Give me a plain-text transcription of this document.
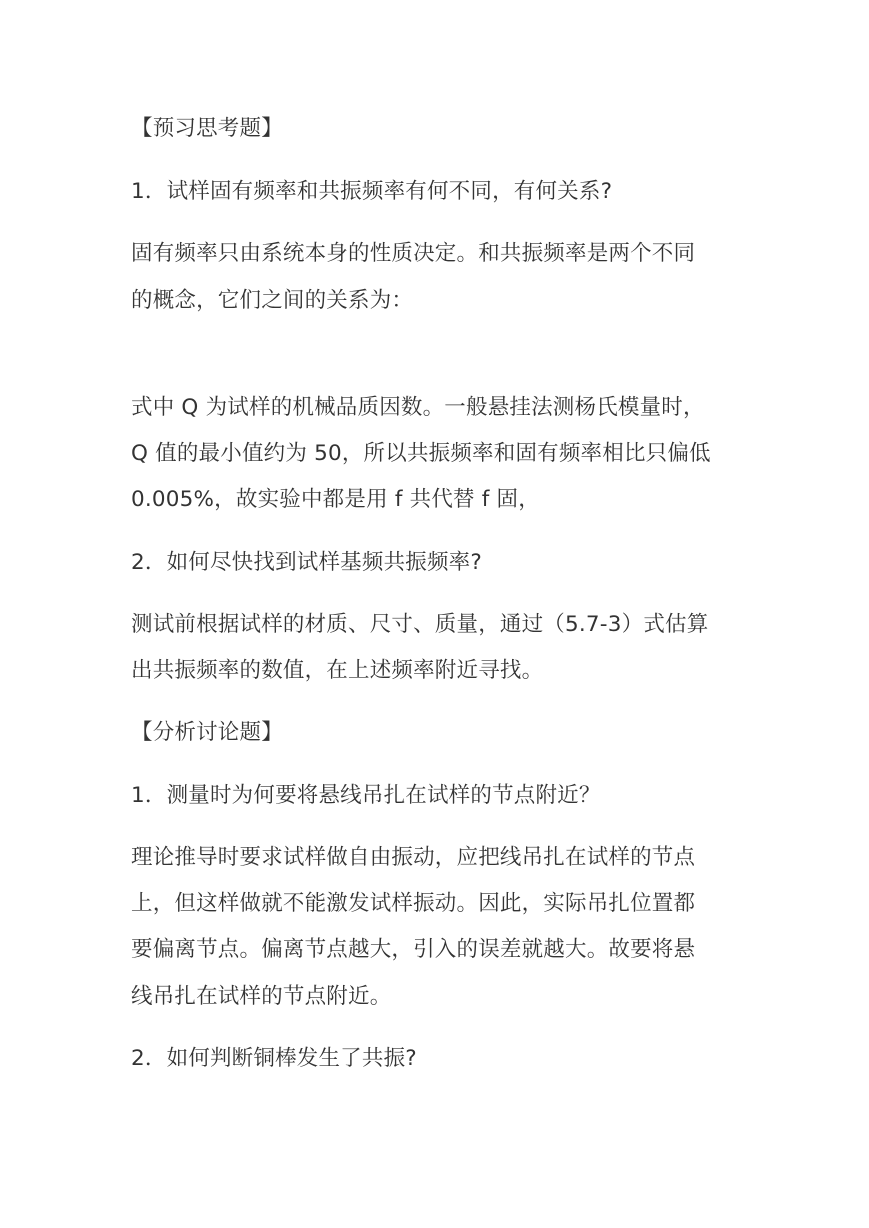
【预习思考题】
1．试样固有频率和共振频率有何不同，有何关系?
固有频率只由系统本身的性质决定。和共振频率是两个不同
的概念，它们之间的关系为：
式中 Q 为试样的机械品质因数。一般悬挂法测杨氏模量时，
Q 值的最小值约为 50，所以共振频率和固有频率相比只偏低
0.005%，故实验中都是用 f 共代替 f 固，
2．如何尽快找到试样基频共振频率?
测试前根据试样的材质、尺寸、质量，通过（5.7-3）式估算
出共振频率的数值，在上述频率附近寻找。
【分析讨论题】
1．测量时为何要将悬线吊扎在试样的节点附近？
理论推导时要求试样做自由振动，应把线吊扎在试样的节点
上，但这样做就不能激发试样振动。因此，实际吊扎位置都
要偏离节点。偏离节点越大，引入的误差就越大。故要将悬
线吊扎在试样的节点附近。
2．如何判断铜棒发生了共振?
